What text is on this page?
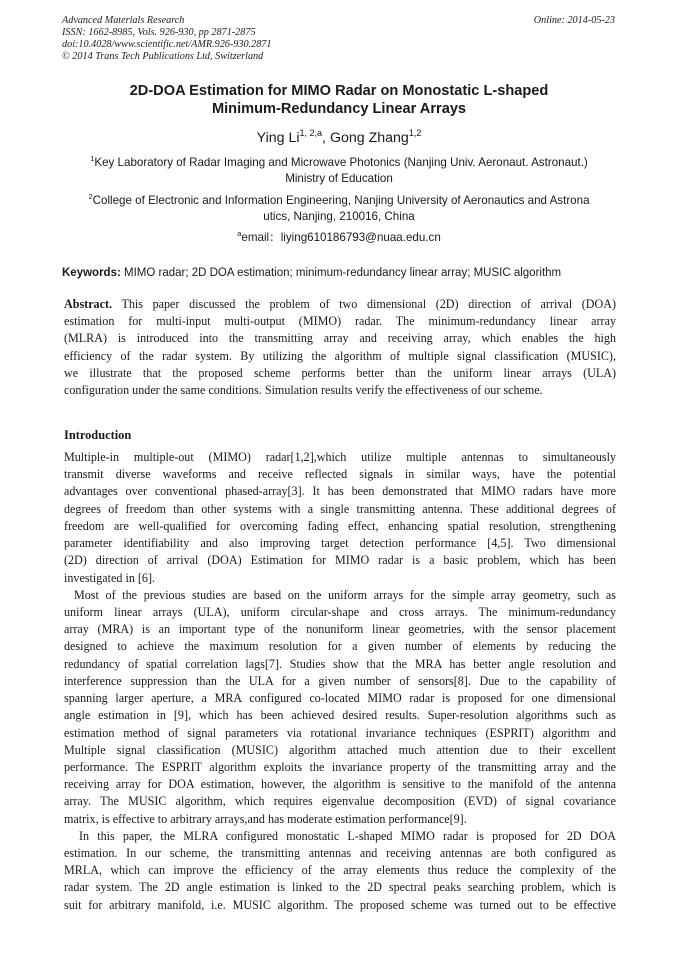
Advanced Materials Research
ISSN: 1662-8985, Vols. 926-930, pp 2871-2875
doi:10.4028/www.scientific.net/AMR.926-930.2871
© 2014 Trans Tech Publications Ltd, Switzerland
Online: 2014-05-23
2D-DOA Estimation for MIMO Radar on Monostatic L-shaped
Minimum-Redundancy Linear Arrays
Ying Li$^{1, 2,a}$, Gong Zhang$^{1,2}$
$^1$Key Laboratory of Radar Imaging and Microwave Photonics (Nanjing Univ. Aeronaut. Astronaut.)
Ministry of Education
$^2$College of Electronic and Information Engineering, Nanjing University of Aeronautics and Astrona
utics, Nanjing, 210016, China
$^a$email：liying610186793@nuaa.edu.cn
Keywords: MIMO radar; 2D DOA estimation; minimum-redundancy linear array; MUSIC algorithm
Abstract. This paper discussed the problem of two dimensional (2D) direction of arrival (DOA)
estimation for multi-input multi-output (MIMO) radar. The minimum-redundancy linear array
(MLRA) is introduced into the transmitting array and receiving array, which enables the high
efficiency of the radar system. By utilizing the algorithm of multiple signal classification (MUSIC),
we illustrate that the proposed scheme performs better than the uniform linear arrays (ULA)
configuration under the same conditions. Simulation results verify the effectiveness of our scheme.
Introduction
Multiple-in multiple-out (MIMO) radar[1,2],which utilize multiple antennas to simultaneously
transmit diverse waveforms and receive reflected signals in similar ways, have the potential
advantages over conventional phased-array[3]. It has been demonstrated that MIMO radars have more
degrees of freedom than other systems with a single transmitting antenna. These additional degrees of
freedom are well-qualified for overcoming fading effect, enhancing spatial resolution, strengthening
parameter identifiability and also improving target detection performance [4,5]. Two dimensional
(2D) direction of arrival (DOA) Estimation for MIMO radar is a basic problem, which has been
investigated in [6].
Most of the previous studies are based on the uniform arrays for the simple array geometry, such as
uniform linear arrays (ULA), uniform circular-shape and cross arrays. The minimum-redundancy
array (MRA) is an important type of the nonuniform linear geometries, with the sensor placement
designed to achieve the maximum resolution for a given number of elements by reducing the
redundancy of spatial correlation lags[7]. Studies show that the MRA has better angle resolution and
interference suppression than the ULA for a given number of sensors[8]. Due to the capability of
spanning larger aperture, a MRA configured co-located MIMO radar is proposed for one dimensional
angle estimation in [9], which has been achieved desired results. Super-resolution algorithms such as
estimation method of signal parameters via rotational invariance techniques (ESPRIT) algorithm and
Multiple signal classification (MUSIC) algorithm attached much attention due to their excellent
performance. The ESPRIT algorithm exploits the invariance property of the transmitting array and the
receiving array for DOA estimation, however, the algorithm is sensitive to the manifold of the antenna
array. The MUSIC algorithm, which requires eigenvalue decomposition (EVD) of signal covariance
matrix, is effective to arbitrary arrays,and has moderate estimation performance[9].
In this paper, the MLRA configured monostatic L-shaped MIMO radar is proposed for 2D DOA
estimation. In our scheme, the transmitting antennas and receiving antennas are both configured as
MRLA, which can improve the efficiency of the array elements thus reduce the complexity of the
radar system. The 2D angle estimation is linked to the 2D spectral peaks searching problem, which is
suit for arbitrary manifold, i.e. MUSIC algorithm. The proposed scheme was turned out to be effective
